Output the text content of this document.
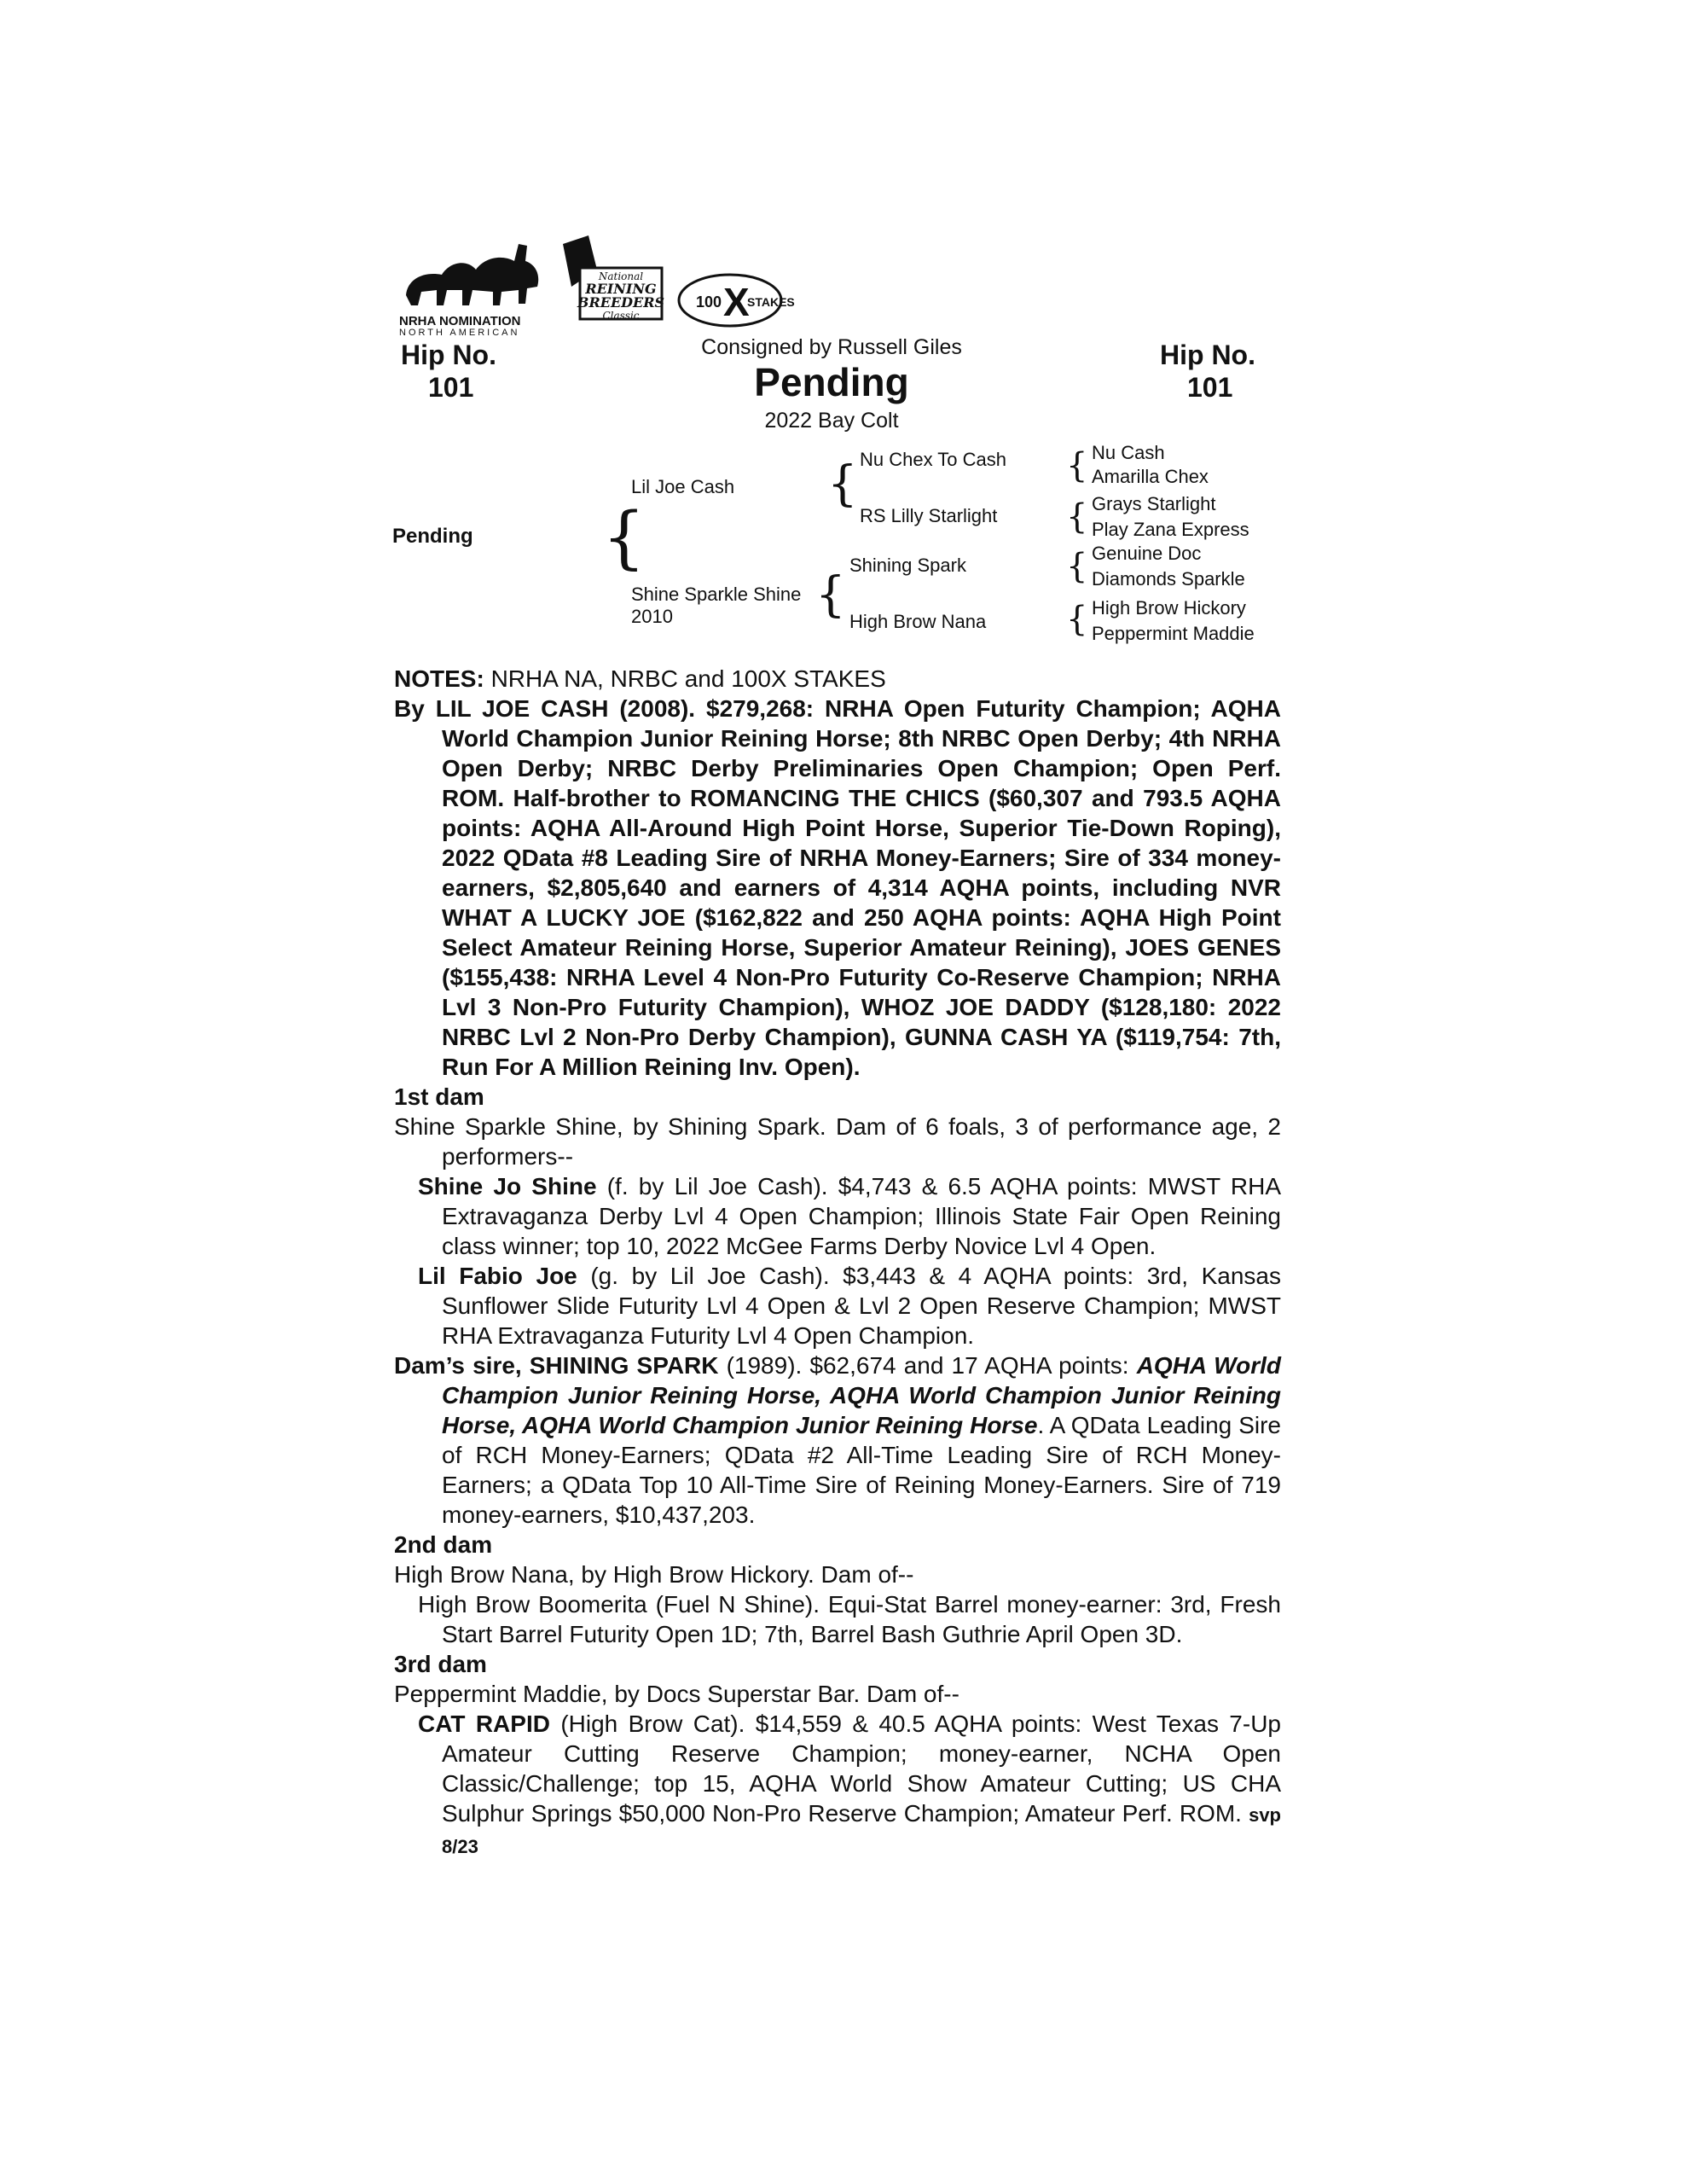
NRHA NOMINATION
NORTH AMERICAN
National
REINING
BREEDERS
Classic
100 X
STAKES
Hip No.
101
Hip No.
101
Consigned by Russell Giles
Pending
2022 Bay Colt
Pending {
Lil Joe Cash {
Shine Sparkle Shine
2010	{
Nu Chex To Cash
RS Lilly Starlight
Shining Spark
High Brow Nana
{
{
{
{
Nu Cash
Amarilla Chex
Grays Starlight
Play Zana Express
Genuine Doc
Diamonds Sparkle
High Brow Hickory
Peppermint Maddie

NOTES: NRHA NA, NRBC and 100X STAKES

By LIL JOE CASH (2008). $279,268: NRHA Open Futurity Champion; AQHA World Champion Junior Reining Horse; 8th NRBC Open Derby; 4th NRHA Open Derby; NRBC Derby Preliminaries Open Champion; Open Perf. ROM. Half-brother to ROMANCING THE CHICS ($60,307 and 793.5 AQHA points: AQHA All-Around High Point Horse, Superior Tie-Down Roping), 2022 QData #8 Leading Sire of NRHA Money-Earners; Sire of 334 money-earners, $2,805,640 and earners of 4,314 AQHA points, including NVR WHAT A LUCKY JOE ($162,822 and 250 AQHA points: AQHA High Point Select Amateur Reining Horse, Superior Amateur Reining), JOES GENES ($155,438: NRHA Level 4 Non-Pro Futurity Co-Reserve Champion; NRHA Lvl 3 Non-Pro Futurity Champion), WHOZ JOE DADDY ($128,180: 2022 NRBC Lvl 2 Non-Pro Derby Champion), GUNNA CASH YA ($119,754: 7th, Run For A Million Reining Inv. Open).

1st dam

Shine Sparkle Shine, by Shining Spark. Dam of 6 foals, 3 of performance age, 2 performers--

Shine Jo Shine (f. by Lil Joe Cash). $4,743 & 6.5 AQHA points: MWST RHA Extravaganza Derby Lvl 4 Open Champion; Illinois State Fair Open Reining class winner; top 10, 2022 McGee Farms Derby Novice Lvl 4 Open.

Lil Fabio Joe (g. by Lil Joe Cash). $3,443 & 4 AQHA points: 3rd, Kansas Sunflower Slide Futurity Lvl 4 Open & Lvl 2 Open Reserve Champion; MWST RHA Extravaganza Futurity Lvl 4 Open Champion.

Dam’s sire, SHINING SPARK (1989). $62,674 and 17 AQHA points: AQHA World Champion Junior Reining Horse, AQHA World Champion Junior Reining Horse, AQHA World Champion Junior Reining Horse. A QData Leading Sire of RCH Money-Earners; QData #2 All-Time Leading Sire of RCH Money-Earners; a QData Top 10 All-Time Sire of Reining Money-Earners. Sire of 719 money-earners, $10,437,203.

2nd dam

High Brow Nana, by High Brow Hickory. Dam of--

High Brow Boomerita (Fuel N Shine). Equi-Stat Barrel money-earner: 3rd, Fresh Start Barrel Futurity Open 1D; 7th, Barrel Bash Guthrie April Open 3D.

3rd dam

Peppermint Maddie, by Docs Superstar Bar. Dam of--

CAT RAPID (High Brow Cat). $14,559 & 40.5 AQHA points: West Texas 7-Up Amateur Cutting Reserve Champion; money-earner, NCHA Open Classic/Challenge; top 15, AQHA World Show Amateur Cutting; US CHA Sulphur Springs $50,000 Non-Pro Reserve Champion; Amateur Perf. ROM. svp 8/23
